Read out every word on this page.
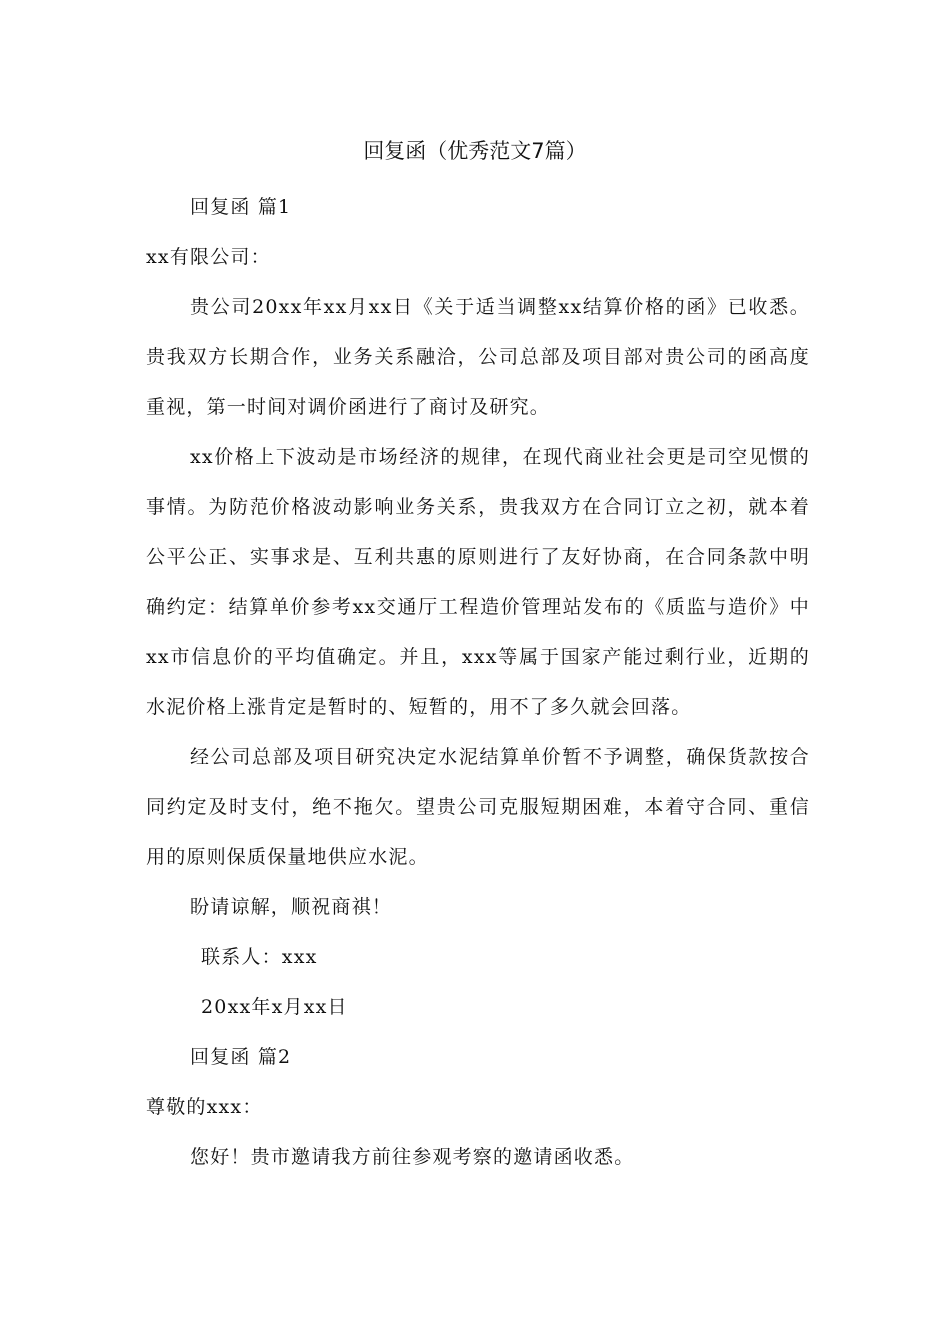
回复函（优秀范文7篇）

回复函 篇1

xx有限公司：

贵公司20xx年xx月xx日《关于适当调整xx结算价格的函》已收悉。贵我双方长期合作，业务关系融洽，公司总部及项目部对贵公司的函高度重视，第一时间对调价函进行了商讨及研究。

xx价格上下波动是市场经济的规律，在现代商业社会更是司空见惯的事情。为防范价格波动影响业务关系，贵我双方在合同订立之初，就本着公平公正、实事求是、互利共惠的原则进行了友好协商，在合同条款中明确约定：结算单价参考xx交通厅工程造价管理站发布的《质监与造价》中xx市信息价的平均值确定。并且，xxx等属于国家产能过剩行业，近期的水泥价格上涨肯定是暂时的、短暂的，用不了多久就会回落。

经公司总部及项目研究决定水泥结算单价暂不予调整，确保货款按合同约定及时支付，绝不拖欠。望贵公司克服短期困难，本着守合同、重信用的原则保质保量地供应水泥。

盼请谅解，顺祝商祺！

联系人：xxx

20xx年x月xx日

回复函 篇2

尊敬的xxx：

您好！贵市邀请我方前往参观考察的邀请函收悉。
